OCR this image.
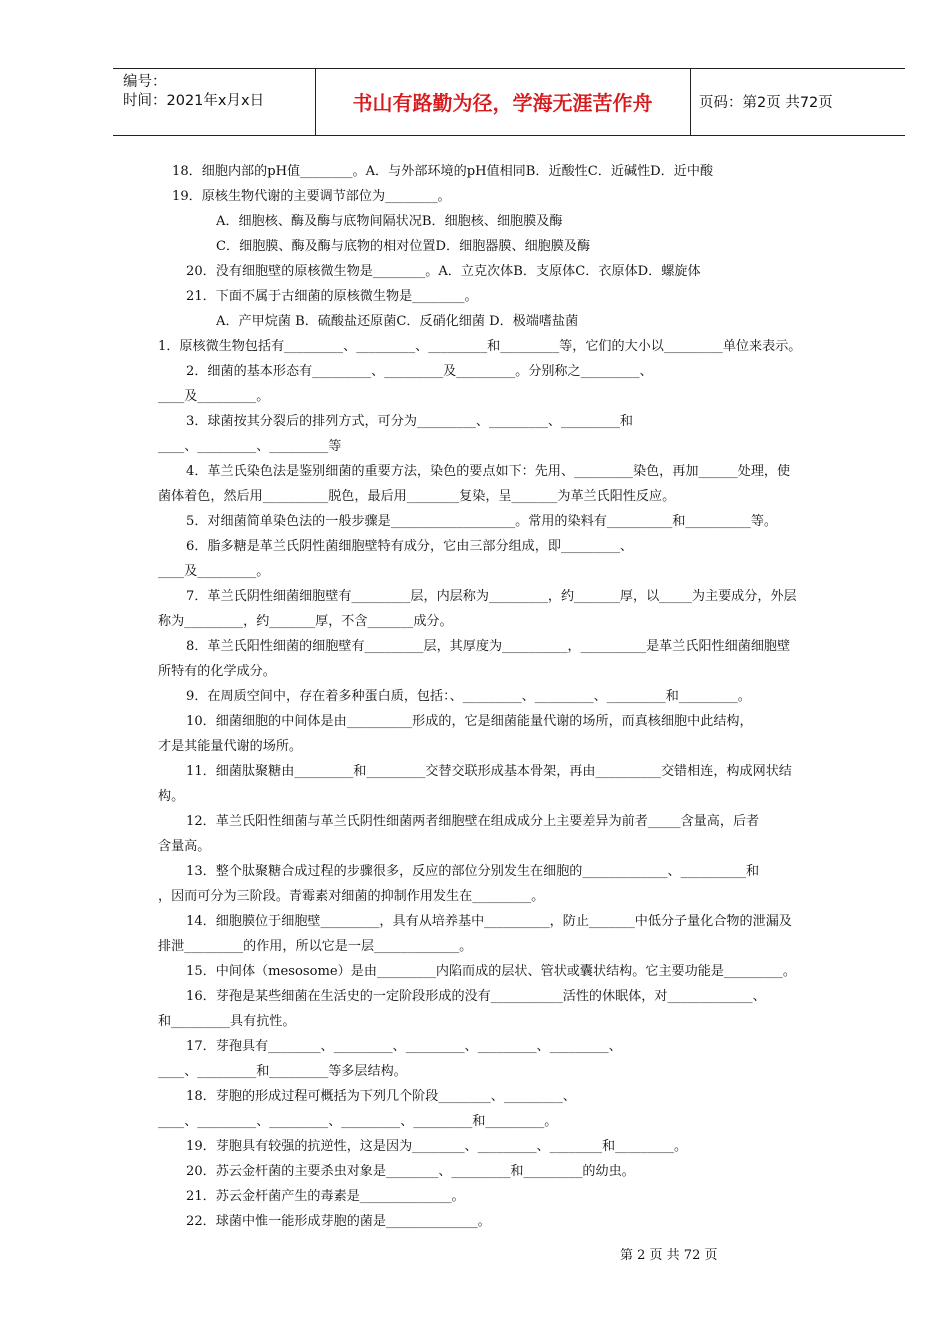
编号：
时间：2021年x月x日	书山有路勤为径，学海无涯苦作舟	页码：第2页 共72页
18．细胞内部的pH值________。A．与外部环境的pH值相同B．近酸性C．近碱性D．近中酸
19．原核生物代谢的主要调节部位为________。
A．细胞核、酶及酶与底物间隔状况B．细胞核、细胞膜及酶
C．细胞膜、酶及酶与底物的相对位置D．细胞器膜、细胞膜及酶
20．没有细胞壁的原核微生物是________。A．立克次体B．支原体C．衣原体D．螺旋体
21．下面不属于古细菌的原核微生物是________。
A．产甲烷菌 B．硫酸盐还原菌C．反硝化细菌 D．极端嗜盐菌
1．原核微生物包括有_________、_________、_________和_________等，它们的大小以_________单位来表示。
2．细菌的基本形态有_________、_________及_________。分别称之_________、
____及_________。
3．球菌按其分裂后的排列方式，可分为_________、_________、_________和
____、_________、_________等
4．革兰氏染色法是鉴别细菌的重要方法，染色的要点如下：先用、_________染色，再加______处理，使
菌体着色，然后用__________脱色，最后用________复染，呈_______为革兰氏阳性反应。
5．对细菌简单染色法的一般步骤是___________________。常用的染料有__________和__________等。
6．脂多糖是革兰氏阴性菌细胞壁特有成分，它由三部分组成，即_________、
____及_________。
7．革兰氏阴性细菌细胞壁有_________层，内层称为_________，约_______厚，以_____为主要成分，外层
称为_________，约_______厚，不含_______成分。
8．革兰氏阳性细菌的细胞壁有_________层，其厚度为__________，__________是革兰氏阳性细菌细胞壁
所特有的化学成分。
9．在周质空间中，存在着多种蛋白质，包括：、_________、_________、_________和_________。
10．细菌细胞的中间体是由__________形成的，它是细菌能量代谢的场所，而真核细胞中此结构，
才是其能量代谢的场所。
11．细菌肽聚糖由_________和_________交替交联形成基本骨架，再由__________交错相连，构成网状结
构。
12．革兰氏阳性细菌与革兰氏阴性细菌两者细胞壁在组成成分上主要差异为前者_____含量高，后者
含量高。
13．整个肽聚糖合成过程的步骤很多，反应的部位分别发生在细胞的_____________、__________和
，因而可分为三阶段。青霉素对细菌的抑制作用发生在_________。
14．细胞膜位于细胞壁_________，具有从培养基中__________，防止_______中低分子量化合物的泄漏及
排泄_________的作用，所以它是一层_____________。
15．中间体（mesosome）是由_________内陷而成的层状、管状或囊状结构。它主要功能是_________。
16．芽孢是某些细菌在生活史的一定阶段形成的没有___________活性的休眠体，对_____________、
和_________具有抗性。
17．芽孢具有________、_________、_________、_________、_________、
____、_________和_________等多层结构。
18．芽胞的形成过程可概括为下列几个阶段________、_________、
____、_________、_________、_________、_________和_________。
19．芽胞具有较强的抗逆性，这是因为________、_________、________和_________。
20．苏云金杆菌的主要杀虫对象是________、_________和_________的幼虫。
21．苏云金杆菌产生的毒素是______________。
22．球菌中惟一能形成芽胞的菌是______________。
第 2 页 共 72 页
